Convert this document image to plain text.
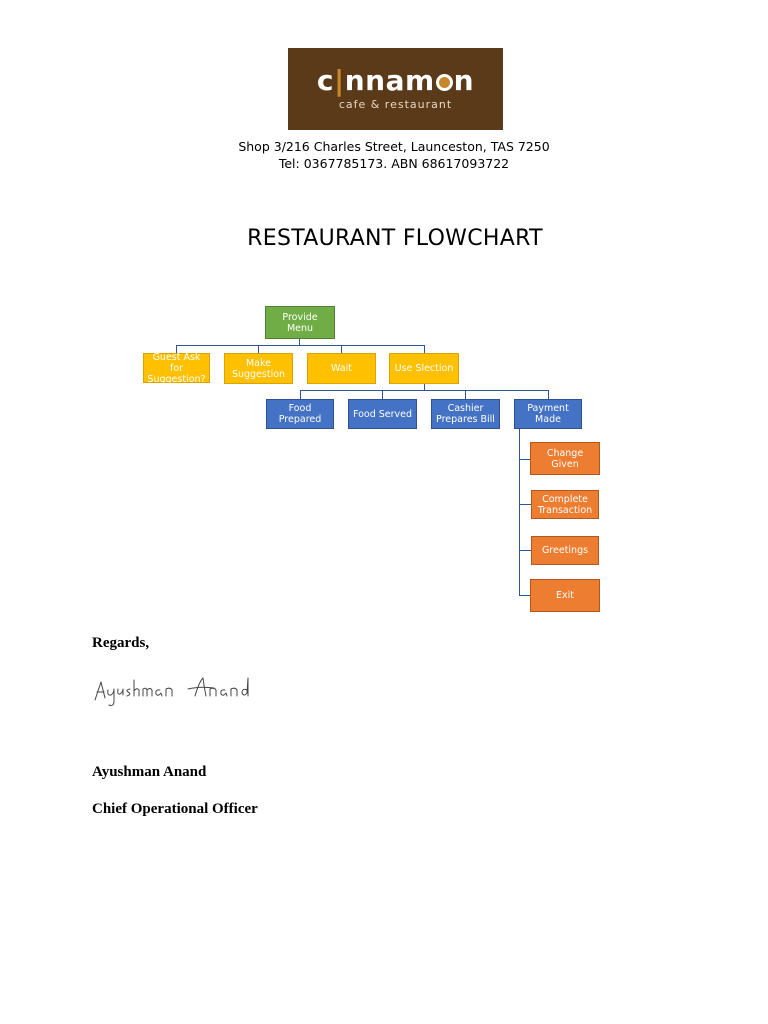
c|nnam n
cafe & restaurant
Shop 3/216 Charles Street, Launceston, TAS 7250
Tel: 0367785173. ABN 68617093722
RESTAURANT FLOWCHART
Provide Menu
Guest Ask for Suggestion?
Make Suggestion	Wait	Use Slection
Food Prepared	Food Served	Cashier Prepares Bill
Payment Made
Change Given
Complete Transaction
Greetings
Exit
Regards,
Ayushman Anand
Chief Operational Officer
